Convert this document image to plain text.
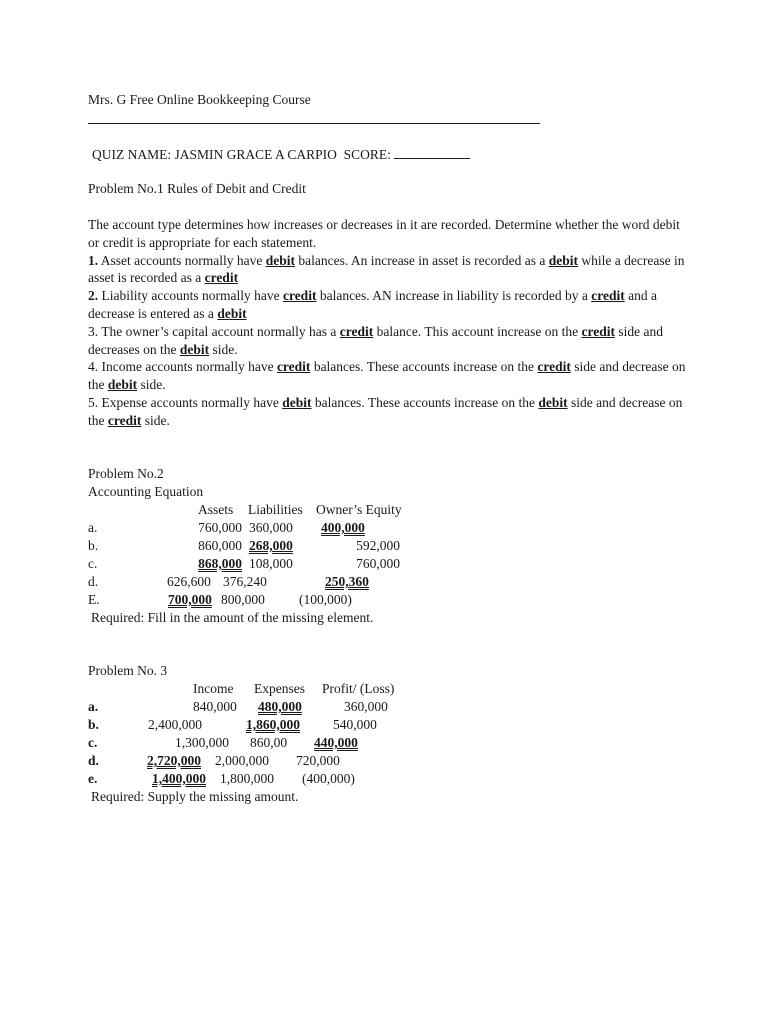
Mrs. G Free Online Bookkeeping Course
QUIZ NAME: JASMIN GRACE A CARPIO SCORE:
Problem No.1 Rules of Debit and Credit

The account type determines how increases or decreases in it are recorded. Determine whether the word debit or credit is appropriate for each statement.

1. Asset accounts normally have debit balances. An increase in asset is recorded as a debit while a decrease in asset is recorded as a credit

2. Liability accounts normally have credit balances. AN increase in liability is recorded by a credit and a decrease is entered as a debit

3. The owner’s capital account normally has a credit balance. This account increase on the credit side and decreases on the debit side.

4. Income accounts normally have credit balances. These accounts increase on the credit side and decrease on the debit side.

5. Expense accounts normally have debit balances. These accounts increase on the debit side and decrease on the credit side.

Problem No.2
Accounting Equation
Assets Liabilities Owner’s Equity
a.	760,000 360,000 400,000
b.	860,000 268,000	592,000
c.	868,000 108,000	760,000
d.	626,600 376,240	250,360
E.	700,000 800,000	(100,000)
Required: Fill in the amount of the missing element.
Problem No. 3
Income Expenses Profit/ (Loss)
a.	840,000 480,000	360,000
b.	2,400,000	1,860,000 540,000
c.	1,300,000 860,00 440,000
d.	2,720,000 2,000,000 720,000
e.	1,400,000 1,800,000 (400,000)
Required: Supply the missing amount.
